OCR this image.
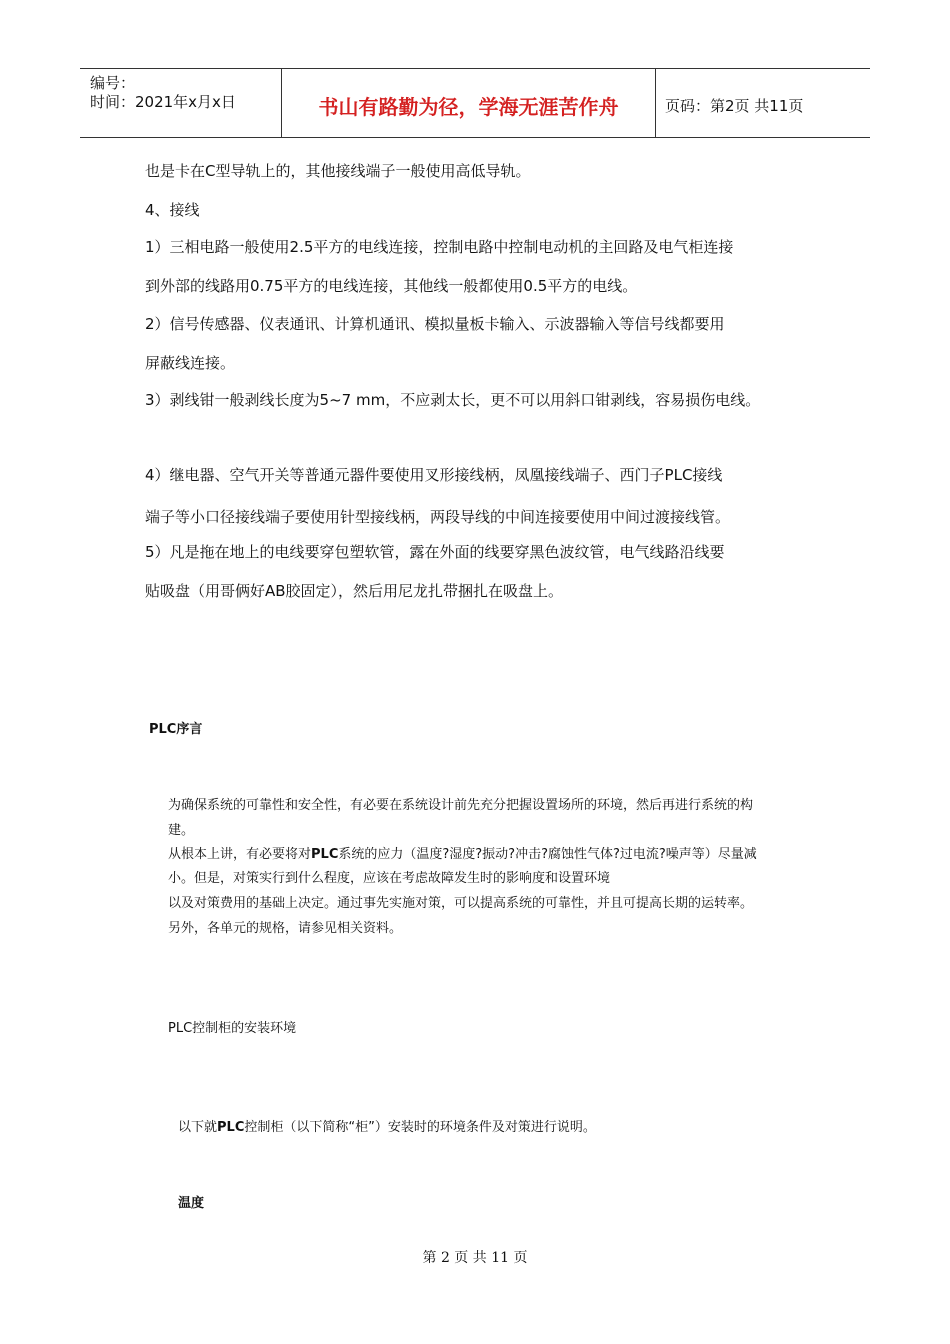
编号：
时间：2021年x月x日	书山有路勤为径，学海无涯苦作舟	页码：第2页 共11页
也是卡在C型导轨上的，其他接线端子一般使用高低导轨。
4、接线
1）三相电路一般使用2.5平方的电线连接，控制电路中控制电动机的主回路及电气柜连接
到外部的线路用0.75平方的电线连接，其他线一般都使用0.5平方的电线。
2）信号传感器、仪表通讯、计算机通讯、模拟量板卡输入、示波器输入等信号线都要用
屏蔽线连接。
3）剥线钳一般剥线长度为5~7 mm，不应剥太长，更不可以用斜口钳剥线，容易损伤电线。
4）继电器、空气开关等普通元器件要使用叉形接线柄，凤凰接线端子、西门子PLC接线
端子等小口径接线端子要使用针型接线柄，两段导线的中间连接要使用中间过渡接线管。
5）凡是拖在地上的电线要穿包塑软管，露在外面的线要穿黑色波纹管，电气线路沿线要
贴吸盘（用哥俩好AB胶固定），然后用尼龙扎带捆扎在吸盘上。
PLC序言
为确保系统的可靠性和安全性，有必要在系统设计前先充分把握设置场所的环境，然后再进行系统的构
建。
从根本上讲，有必要将对PLC系统的应力（温度?湿度?振动?冲击?腐蚀性气体?过电流?噪声等）尽量减
小。但是，对策实行到什么程度，应该在考虑故障发生时的影响度和设置环境
以及对策费用的基础上决定。通过事先实施对策，可以提高系统的可靠性，并且可提高长期的运转率。
另外，各单元的规格，请参见相关资料。
PLC控制柜的安装环境
以下就PLC控制柜（以下简称“柜”）安装时的环境条件及对策进行说明。
温度
第 2 页 共 11 页
